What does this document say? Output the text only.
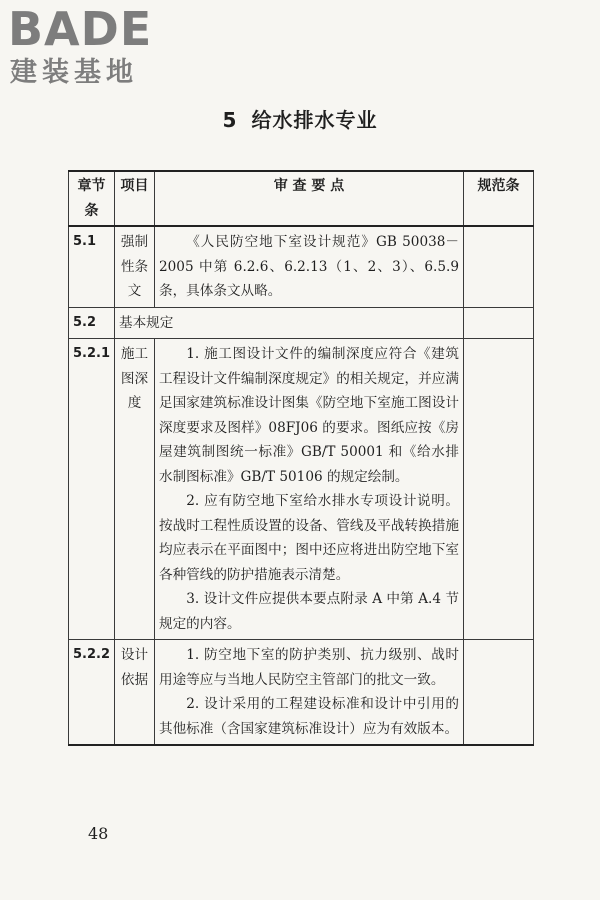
BADE
建装基地
5 给水排水专业
章节条	项目	审 查 要 点	规范条
5.1	强制性条文	《人民防空地下室设计规范》GB 50038－2005 中第 6.2.6、6.2.13（1、2、3）、6.5.9 条，具体条文从略。	

5.2	基本规定		

5.2.1	施工图深度	1. 施工图设计文件的编制深度应符合《建筑工程设计文件编制深度规定》的相关规定，并应满足国家建筑标准设计图集《防空地下室施工图设计深度要求及图样》08FJ06 的要求。图纸应按《房屋建筑制图统一标准》GB/T 50001 和《给水排水制图标准》GB/T 50106 的规定绘制。

2. 应有防空地下室给水排水专项设计说明。按战时工程性质设置的设备、管线及平战转换措施均应表示在平面图中；图中还应将进出防空地下室各种管线的防护措施表示清楚。

3. 设计文件应提供本要点附录 A 中第 A.4 节规定的内容。	

5.2.2	设计依据	1. 防空地下室的防护类别、抗力级别、战时用途等应与当地人民防空主管部门的批文一致。

2. 设计采用的工程建设标准和设计中引用的其他标准（含国家建筑标准设计）应为有效版本。	

48
